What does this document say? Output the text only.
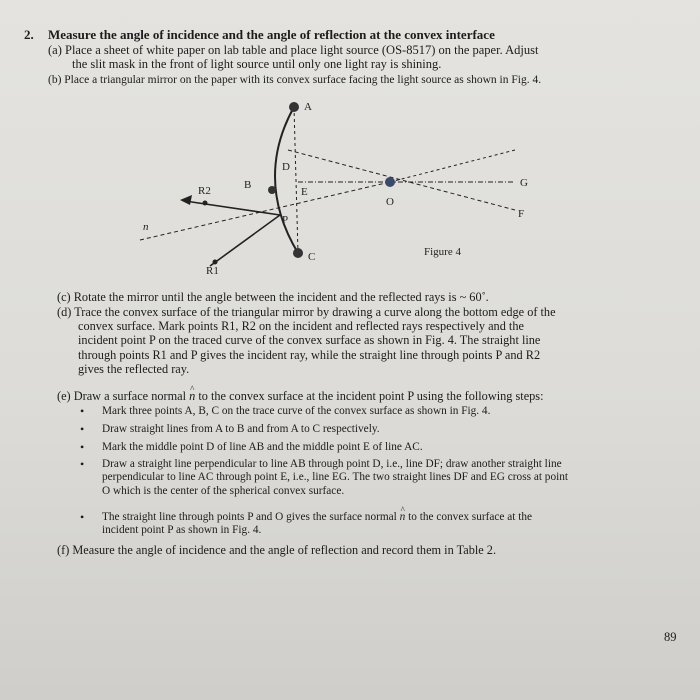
2. Measure the angle of incidence and the angle of reflection at the convex interface
(a) Place a sheet of white paper on lab table and place light source (OS-8517) on the paper. Adjust
the slit mask in the front of light source until only one light ray is shining.
(b) Place a triangular mirror on the paper with its convex surface facing the light source as shown in Fig. 4.
A
B
C
D
E
P
O
F
G
R1
R2
n
Figure 4

(c) Rotate the mirror until the angle between the incident and the reflected rays is ~ 60˚.

(d) Trace the convex surface of the triangular mirror by drawing a curve along the bottom edge of the

convex surface. Mark points R1, R2 on the incident and reflected rays respectively and the

incident point P on the traced curve of the convex surface as shown in Fig. 4. The straight line

through points R1 and P gives the incident ray, while the straight line through points P and R2

gives the reflected ray.

(e) Draw a surface normal n ^ to the convex surface at the incident point P using the following steps:

• Mark three points A, B, C on the trace curve of the convex surface as shown in Fig. 4.

• Draw straight lines from A to B and from A to C respectively.

• Mark the middle point D of line AB and the middle point E of line AC.

• Draw a straight line perpendicular to line AB through point D, i.e., line DF; draw another straight line

perpendicular to line AC through point E, i.e., line EG. The two straight lines DF and EG cross at point

O which is the center of the spherical convex surface.

• The straight line through points P and O gives the surface normal n ^ to the convex surface at the

incident point P as shown in Fig. 4.

(f) Measure the angle of incidence and the angle of reflection and record them in Table 2.

89
